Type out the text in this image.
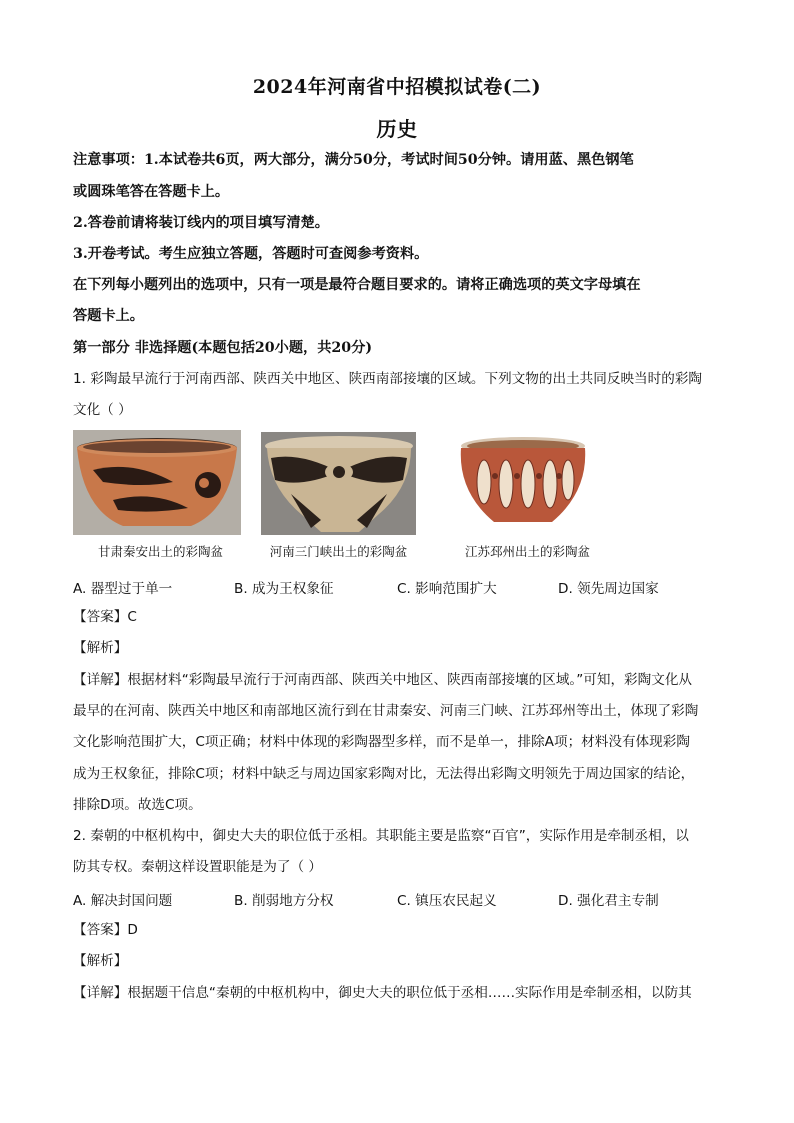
2024年河南省中招模拟试卷(二)
历史
注意事项：1.本试卷共6页，两大部分，满分50分，考试时间50分钟。请用蓝、黑色钢笔
或圆珠笔答在答题卡上。
2.答卷前请将装订线内的项目填写清楚。
3.开卷考试。考生应独立答题，答题时可查阅参考资料。
在下列每小题列出的选项中，只有一项是最符合题目要求的。请将正确选项的英文字母填在
答题卡上。
第一部分 非选择题(本题包括20小题，共20分)
1. 彩陶最早流行于河南西部、陕西关中地区、陕西南部接壤的区域。下列文物的出土共同反映当时的彩陶
文化（ ）
甘肃秦安出土的彩陶盆	河南三门峡出土的彩陶盆	江苏邳州出土的彩陶盆
A. 器型过于单一	B. 成为王权象征	C. 影响范围扩大	D. 领先周边国家
【答案】C
【解析】
【详解】根据材料“彩陶最早流行于河南西部、陕西关中地区、陕西南部接壤的区域。”可知，彩陶文化从
最早的在河南、陕西关中地区和南部地区流行到在甘肃秦安、河南三门峡、江苏邳州等出土，体现了彩陶
文化影响范围扩大，C项正确；材料中体现的彩陶器型多样，而不是单一，排除A项；材料没有体现彩陶
成为王权象征，排除C项；材料中缺乏与周边国家彩陶对比，无法得出彩陶文明领先于周边国家的结论，
排除D项。故选C项。
2. 秦朝的中枢机构中，御史大夫的职位低于丞相。其职能主要是监察“百官”，实际作用是牵制丞相，以
防其专权。秦朝这样设置职能是为了（ ）
A. 解决封国问题	B. 削弱地方分权	C. 镇压农民起义	D. 强化君主专制
【答案】D
【解析】
【详解】根据题干信息“秦朝的中枢机构中，御史大夫的职位低于丞相……实际作用是牵制丞相，以防其
